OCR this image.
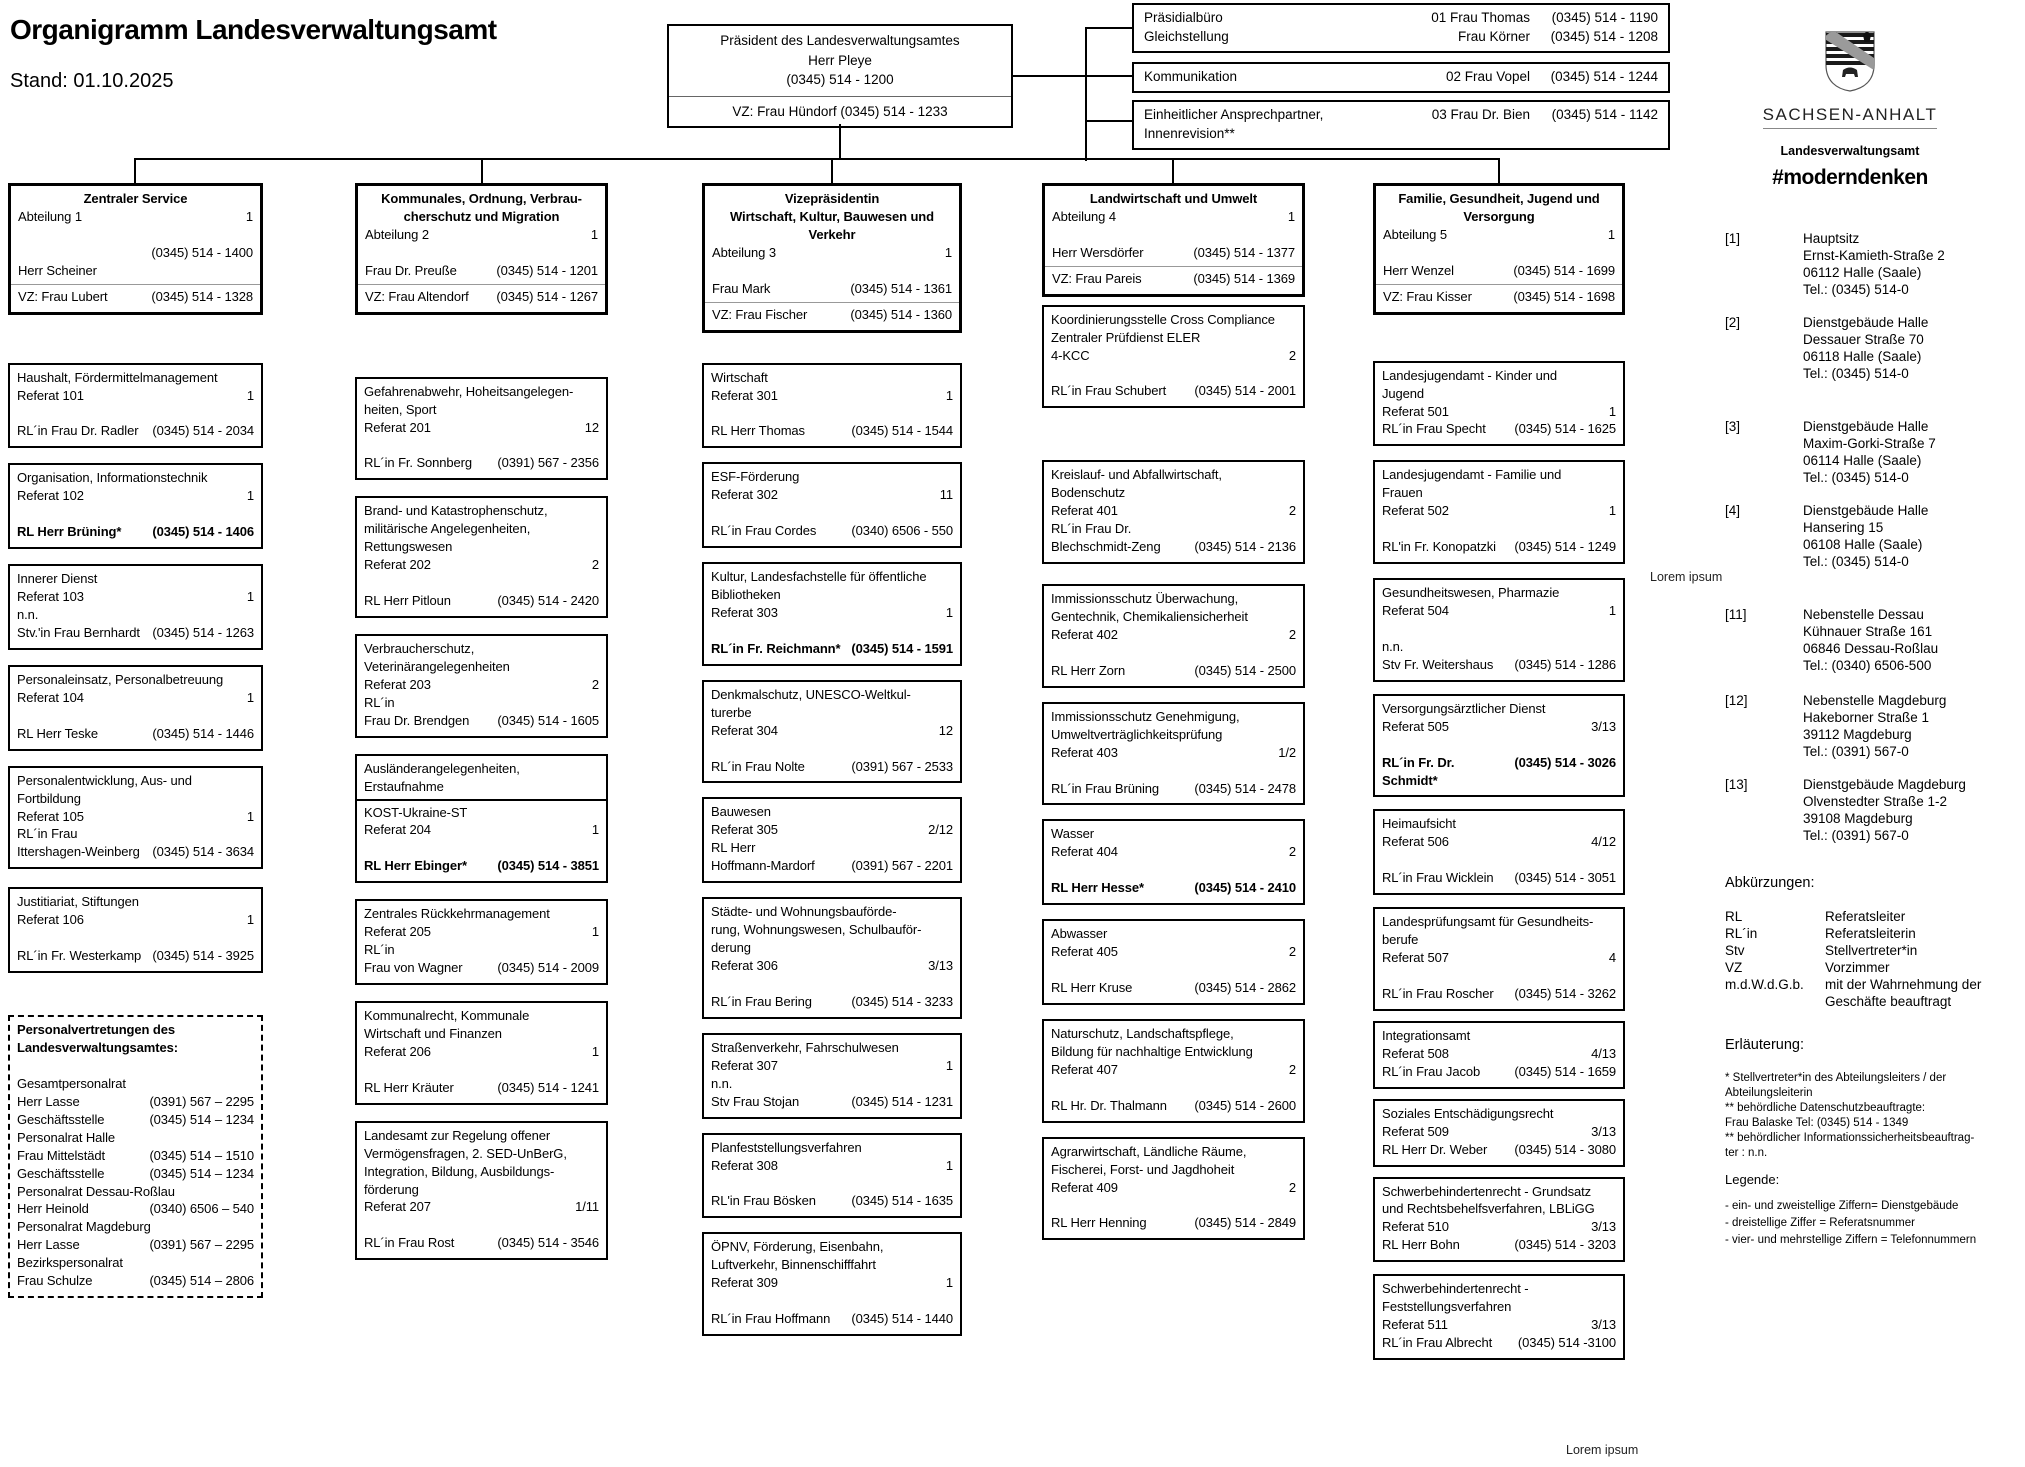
Organigramm Landesverwaltungsamt
Stand: 01.10.2025
Präsident des Landesverwaltungsamtes
Herr Pleye
(0345) 514 - 1200
VZ: Frau Hündorf (0345) 514 - 1233
Präsidialbüro	01 Frau Thomas	(0345) 514 - 1190
Gleichstellung	Frau Körner	(0345) 514 - 1208
Kommunikation	02 Frau Vopel	(0345) 514 - 1244
Einheitlicher Ansprechpartner,	03 Frau Dr. Bien	(0345) 514 - 1142
Innenrevision**
Zentraler Service
Abteilung 1	1

(0345) 514 - 1400
Herr Scheiner
VZ: Frau Lubert	(0345) 514 - 1328
Haushalt, Fördermittelmanagement
Referat 101	1

RL´in Frau Dr. Radler	(0345) 514 - 2034
Organisation, Informationstechnik
Referat 102	1

RL Herr Brüning*	(0345) 514 - 1406
Innerer Dienst
Referat 103	1
n.n.
Stv.'in Frau Bernhardt (0345) 514 - 1263
Personaleinsatz, Personalbetreuung
Referat 104	1

RL Herr Teske	(0345) 514 - 1446
Personalentwicklung, Aus- und
Fortbildung
Referat 105	1
RL´in Frau
Ittershagen-Weinberg (0345) 514 - 3634
Justitiariat, Stiftungen
Referat 106	1

RL´in Fr. Westerkamp (0345) 514 - 3925
Personalvertretungen des
Landesverwaltungsamtes:

Gesamtpersonalrat
Herr Lasse	(0391) 567 – 2295
Geschäftsstelle	(0345) 514 – 1234
Personalrat Halle
Frau Mittelstädt	(0345) 514 – 1510
Geschäftsstelle	(0345) 514 – 1234
Personalrat Dessau-Roßlau
Herr Heinold	(0340) 6506 – 540
Personalrat Magdeburg
Herr Lasse	(0391) 567 – 2295
Bezirkspersonalrat
Frau Schulze	(0345) 514 – 2806
Kommunales, Ordnung, Verbrau-
cherschutz und Migration
Abteilung 2	1

Frau Dr. Preuße	(0345) 514 - 1201
VZ: Frau Altendorf	(0345) 514 - 1267
Gefahrenabwehr, Hoheitsangelegen-
heiten, Sport
Referat 201	12

RL´in Fr. Sonnberg	(0391) 567 - 2356
Brand- und Katastrophenschutz,
militärische Angelegenheiten,
Rettungswesen
Referat 202	2

RL Herr Pitloun	(0345) 514 - 2420
Verbraucherschutz,
Veterinärangelegenheiten
Referat 203	2
RL´in
Frau Dr. Brendgen	(0345) 514 - 1605
Ausländerangelegenheiten,
Erstaufnahme
KOST-Ukraine-ST
Referat 204	1

RL Herr Ebinger*	(0345) 514 - 3851
Zentrales Rückkehrmanagement
Referat 205	1
RL´in
Frau von Wagner	(0345) 514 - 2009
Kommunalrecht, Kommunale
Wirtschaft und Finanzen
Referat 206	1

RL Herr Kräuter	(0345) 514 - 1241
Landesamt zur Regelung offener
Vermögensfragen, 2. SED-UnBerG,
Integration, Bildung, Ausbildungs-
förderung
Referat 207	1/11

RL´in Frau Rost	(0345) 514 - 3546
Vizepräsidentin
Wirtschaft, Kultur, Bauwesen und
Verkehr
Abteilung 3	1

Frau Mark	(0345) 514 - 1361
VZ: Frau Fischer	(0345) 514 - 1360
Wirtschaft
Referat 301	1

RL Herr Thomas	(0345) 514 - 1544
ESF-Förderung
Referat 302	11

RL´in Frau Cordes	(0340) 6506 - 550
Kultur, Landesfachstelle für öffentliche
Bibliotheken
Referat 303	1

RL´in Fr. Reichmann* (0345) 514 - 1591
Denkmalschutz, UNESCO-Weltkul-
turerbe
Referat 304	12

RL´in Frau Nolte	(0391) 567 - 2533
Bauwesen
Referat 305	2/12
RL Herr
Hoffmann-Mardorf	(0391) 567 - 2201
Städte- und Wohnungsbauförde-
rung, Wohnungswesen, Schulbauför-
derung
Referat 306	3/13

RL´in Frau Bering	(0345) 514 - 3233
Straßenverkehr, Fahrschulwesen
Referat 307	1
n.n.
Stv Frau Stojan	(0345) 514 - 1231
Planfeststellungsverfahren
Referat 308	1

RL'in Frau Bösken	(0345) 514 - 1635
ÖPNV, Förderung, Eisenbahn,
Luftverkehr, Binnenschifffahrt
Referat 309	1

RL´in Frau Hoffmann	(0345) 514 - 1440
Landwirtschaft und Umwelt
Abteilung 4	1

Herr Wersdörfer	(0345) 514 - 1377
VZ: Frau Pareis	(0345) 514 - 1369
Koordinierungsstelle Cross Compliance
Zentraler Prüfdienst ELER
4-KCC	2

RL´in Frau Schubert	(0345) 514 - 2001
Kreislauf- und Abfallwirtschaft,
Bodenschutz
Referat 401	2
RL´in Frau Dr.
Blechschmidt-Zeng	(0345) 514 - 2136
Immissionsschutz Überwachung,
Gentechnik, Chemikaliensicherheit
Referat 402	2

RL Herr Zorn	(0345) 514 - 2500
Immissionsschutz Genehmigung,
Umweltverträglichkeitsprüfung
Referat 403	1/2

RL´in Frau Brüning	(0345) 514 - 2478
Wasser
Referat 404	2

RL Herr Hesse*	(0345) 514 - 2410
Abwasser
Referat 405	2

RL Herr Kruse	(0345) 514 - 2862
Naturschutz, Landschaftspflege,
Bildung für nachhaltige Entwicklung
Referat 407	2

RL Hr. Dr. Thalmann	(0345) 514 - 2600
Agrarwirtschaft, Ländliche Räume,
Fischerei, Forst- und Jagdhoheit
Referat 409	2

RL Herr Henning	(0345) 514 - 2849
Familie, Gesundheit, Jugend und
Versorgung
Abteilung 5	1

Herr Wenzel	(0345) 514 - 1699
VZ: Frau Kisser	(0345) 514 - 1698
Landesjugendamt - Kinder und
Jugend
Referat 501	1
RL´in Frau Specht	(0345) 514 - 1625
Landesjugendamt - Familie und
Frauen
Referat 502	1

RL'in Fr. Konopatzki	(0345) 514 - 1249
Gesundheitswesen, Pharmazie
Referat 504	1

n.n.
Stv Fr. Weitershaus	(0345) 514 - 1286
Versorgungsärztlicher Dienst
Referat 505	3/13

RL´in Fr. Dr. Schmidt*
(0345) 514 - 3026
Heimaufsicht
Referat 506	4/12

RL´in Frau Wicklein	(0345) 514 - 3051
Landesprüfungsamt für Gesundheits-
berufe
Referat 507	4

RL´in Frau Roscher	(0345) 514 - 3262
Integrationsamt
Referat 508	4/13
RL´in Frau Jacob	(0345) 514 - 1659
Soziales Entschädigungsrecht
Referat 509	3/13
RL Herr Dr. Weber	(0345) 514 - 3080
Schwerbehindertenrecht - Grundsatz
und Rechtsbehelfsverfahren, LBLiGG
Referat 510	3/13
RL Herr Bohn	(0345) 514 - 3203
Schwerbehindertenrecht -
Feststellungsverfahren
Referat 511	3/13
RL´in Frau Albrecht	(0345) 514 -3100
SACHSEN-ANHALT
Landesverwaltungsamt
#moderndenken
[1]	Hauptsitz
Ernst-Kamieth-Straße 2
06112 Halle (Saale)
Tel.: (0345) 514-0
[2]	Dienstgebäude Halle
Dessauer Straße 70
06118 Halle (Saale)
Tel.: (0345) 514-0
[3]	Dienstgebäude Halle
Maxim-Gorki-Straße 7
06114 Halle (Saale)
Tel.: (0345) 514-0
[4]	Dienstgebäude Halle
Hansering 15
06108 Halle (Saale)
Tel.: (0345) 514-0
[11]	Nebenstelle Dessau
Kühnauer Straße 161
06846 Dessau-Roßlau
Tel.: (0340) 6506-500
[12]	Nebenstelle Magdeburg
Hakeborner Straße 1
39112 Magdeburg
Tel.: (0391) 567-0
[13]	Dienstgebäude Magdeburg
Olvenstedter Straße 1-2
39108 Magdeburg
Tel.: (0391) 567-0
Abkürzungen:
RL	Referatsleiter
RL´in	Referatsleiterin
Stv	Stellvertreter*in
VZ	Vorzimmer
m.d.W.d.G.b.	mit der Wahrnehmung der Geschäfte beauftragt
Erläuterung:
* Stellvertreter*in des Abteilungsleiters / der
Abteilungsleiterin
** behördliche Datenschutzbeauftragte:
Frau Balaske Tel: (0345) 514 - 1349
** behördlicher Informationssicherheitsbeauftrag-
ter : n.n.
Legende:
- ein- und zweistellige Ziffern= Dienstgebäude
- dreistellige Ziffer = Referatsnummer
- vier- und mehrstellige Ziffern = Telefonnummern
Lorem ipsum
Lorem ipsum
